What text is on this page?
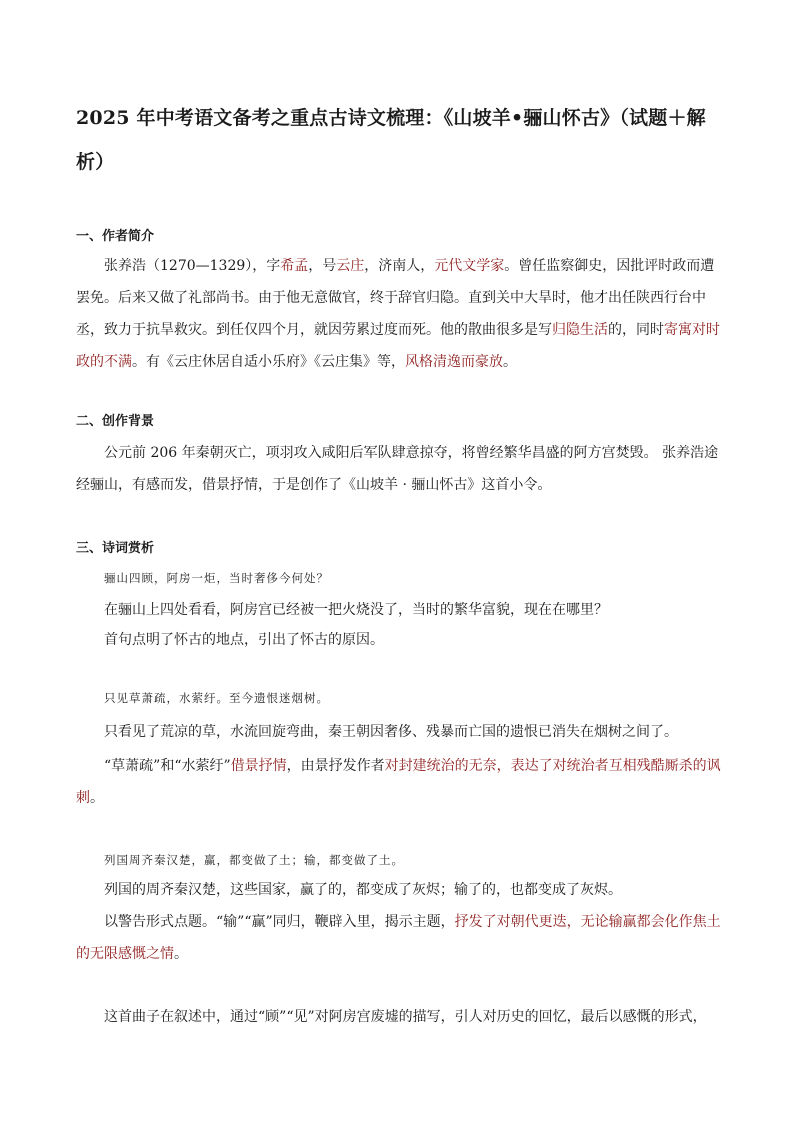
2025 年中考语文备考之重点古诗文梳理：《山坡羊•骊山怀古》（试题＋解析）
一、作者简介
张养浩（1270—1329），字希孟，号云庄，济南人，元代文学家。曾任监察御史，因批评时政而遭罢免。后来又做了礼部尚书。由于他无意做官，终于辞官归隐。直到关中大旱时，他才出任陕西行台中丞，致力于抗旱救灾。到任仅四个月，就因劳累过度而死。他的散曲很多是写归隐生活的，同时寄寓对时政的不满。有《云庄休居自适小乐府》《云庄集》等，风格清逸而豪放。
二、创作背景
公元前 206 年秦朝灭亡，项羽攻入咸阳后军队肆意掠夺，将曾经繁华昌盛的阿方宫焚毁。 张养浩途经骊山，有感而发，借景抒情，于是创作了《山坡羊 · 骊山怀古》这首小令。
三、诗词赏析
骊山四顾，阿房一炬，当时奢侈今何处？
在骊山上四处看看，阿房宫已经被一把火烧没了，当时的繁华富貌，现在在哪里？
首句点明了怀古的地点，引出了怀古的原因。
只见草萧疏，水萦纡。至今遗恨迷烟树。
只看见了荒凉的草，水流回旋弯曲，秦王朝因奢侈、残暴而亡国的遗恨已消失在烟树之间了。
“草萧疏”和“水萦纡”借景抒情，由景抒发作者对封建统治的无奈，表达了对统治者互相残酷厮杀的讽刺。
列国周齐秦汉楚，赢，都变做了土；输，都变做了土。
列国的周齐秦汉楚，这些国家，赢了的，都变成了灰烬；输了的，也都变成了灰烬。
以警告形式点题。“输”“赢”同归，鞭辟入里，揭示主题，抒发了对朝代更迭，无论输赢都会化作焦土的无限感慨之情。
这首曲子在叙述中，通过“顾”“见”对阿房宫废墟的描写，引人对历史的回忆，最后以感慨的形式，
